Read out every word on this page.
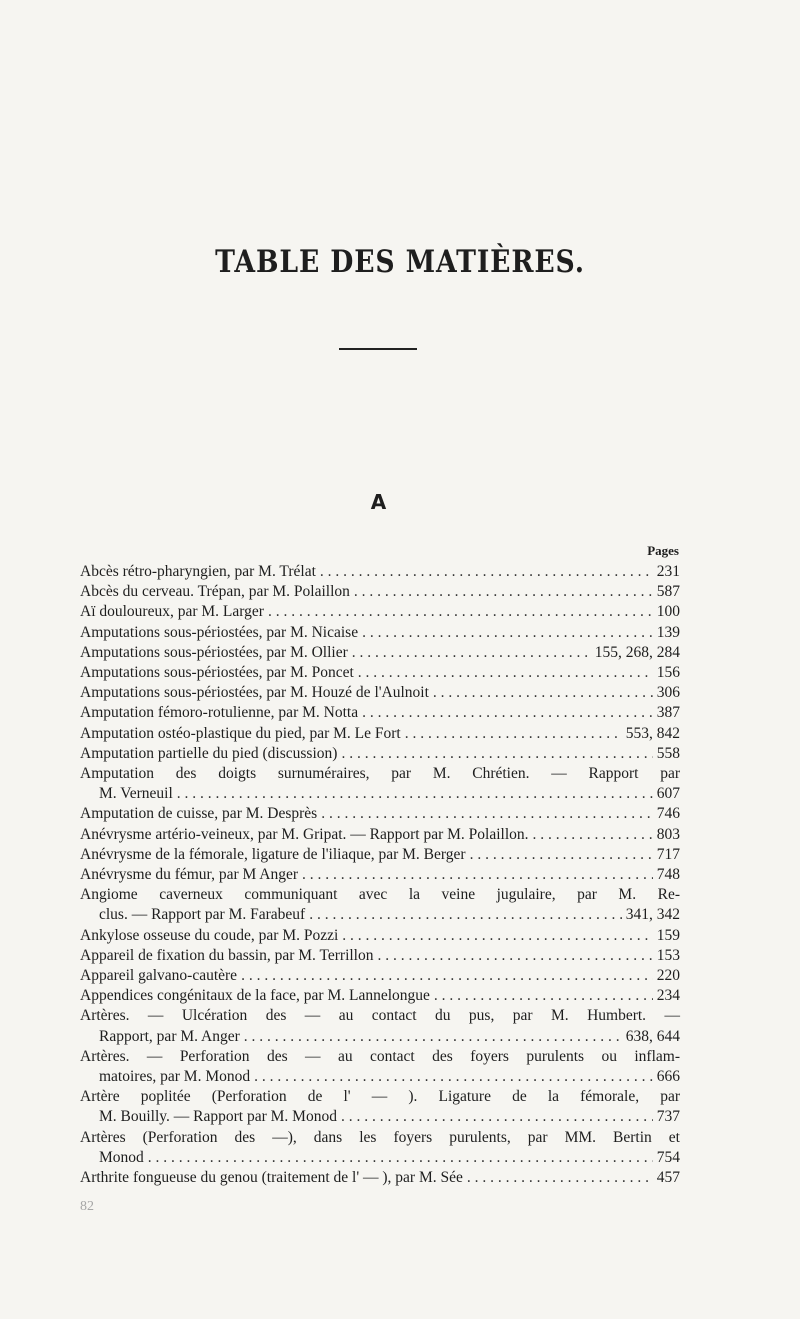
TABLE DES MATIÈRES.
A
Pages
Abcès rétro-pharyngien, par M. Trélat . . .	231
Abcès du cerveau. Trépan, par M. Polaillon . . .	587
Aï douloureux, par M. Larger . . .	100
Amputations sous-périostées, par M. Nicaise . . .	139
Amputations sous-périostées, par M. Ollier . . .	155, 268, 284
Amputations sous-périostées, par M. Poncet . . .	156
Amputations sous-périostées, par M. Houzé de l'Aulnoit . . .	306
Amputation fémoro-rotulienne, par M. Notta . . .	387
Amputation ostéo-plastique du pied, par M. Le Fort . . .	553, 842
Amputation partielle du pied (discussion) . . .	558
Amputation des doigts surnuméraires, par M. Chrétien. — Rapport par
M. Verneuil . . .	607
Amputation de cuisse, par M. Desprès . . .	746
Anévrysme artério-veineux, par M. Gripat. — Rapport par M. Polaillon. . . .	803
Anévrysme de la fémorale, ligature de l'iliaque, par M. Berger . . .	717
Anévrysme du fémur, par M Anger . . .	748
Angiome caverneux communiquant avec la veine jugulaire, par M. Re-
clus. — Rapport par M. Farabeuf . . .	341, 342
Ankylose osseuse du coude, par M. Pozzi . . .	159
Appareil de fixation du bassin, par M. Terrillon . . .	153
Appareil galvano-cautère . . .	220
Appendices congénitaux de la face, par M. Lannelongue . . .	234
Artères. — Ulcération des — au contact du pus, par M. Humbert. —
Rapport, par M. Anger . . .	638, 644
Artères. — Perforation des — au contact des foyers purulents ou inflam-
matoires, par M. Monod . . .	666
Artère poplitée (Perforation de l' — ). Ligature de la fémorale, par
M. Bouilly. — Rapport par M. Monod . . .	737
Artères (Perforation des —), dans les foyers purulents, par MM. Bertin et
Monod . . .	754
Arthrite fongueuse du genou (traitement de l' — ), par M. Sée . . .	457
82
